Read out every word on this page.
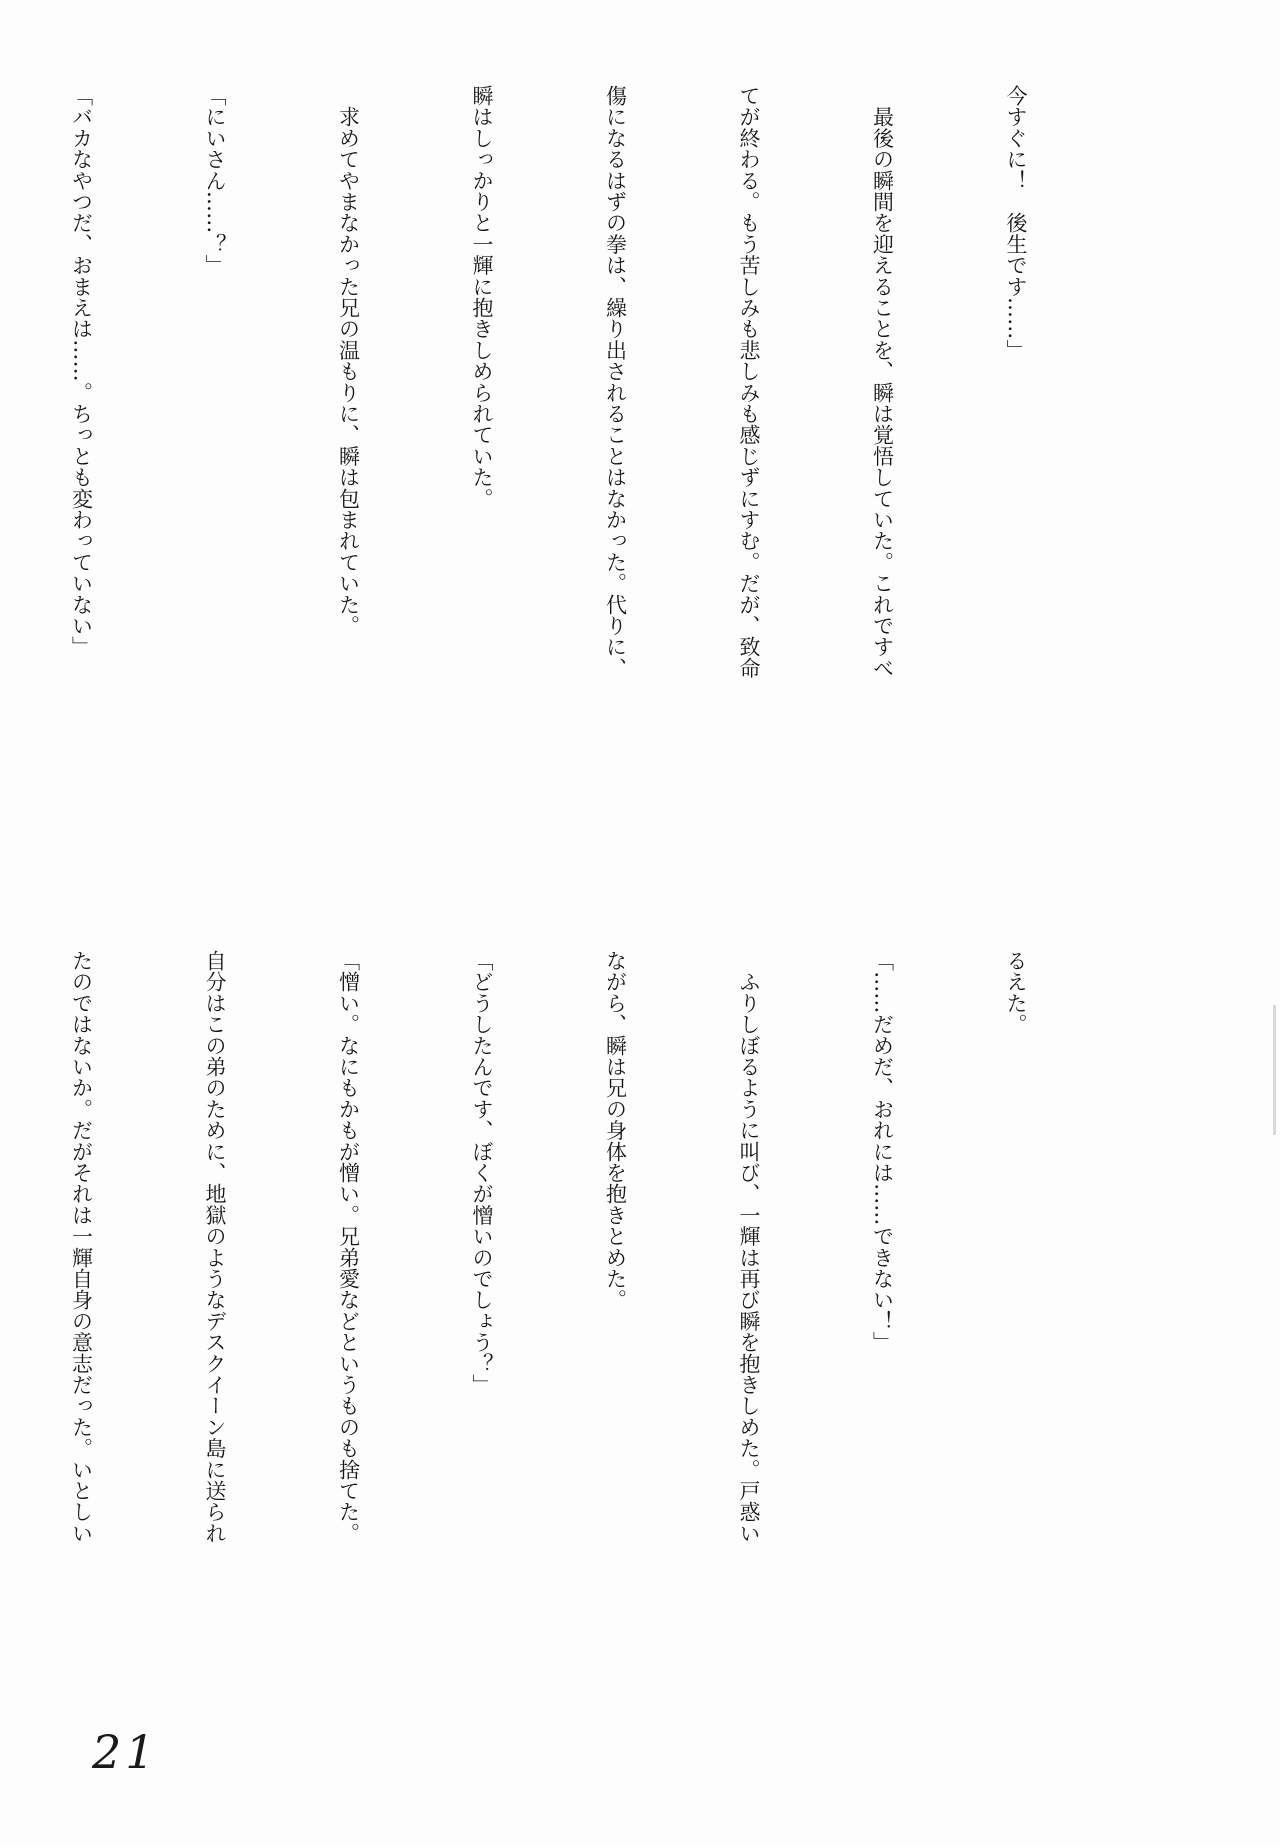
今すぐに！　後生です……」

　最後の瞬間を迎えることを、瞬は覚悟していた。これですべ

てが終わる。もう苦しみも悲しみも感じずにすむ。だが、致命

傷になるはずの拳は、繰り出されることはなかった。代りに、

瞬はしっかりと一輝に抱きしめられていた。

　求めてやまなかった兄の温もりに、瞬は包まれていた。

「にいさん……？」

「バカなやつだ、おまえは……。ちっとも変わっていない」

るえた。

「……だめだ、おれには……できない！」

　ふりしぼるように叫び、一輝は再び瞬を抱きしめた。戸惑い

ながら、瞬は兄の身体を抱きとめた。

「どうしたんです、ぼくが憎いのでしょう？」

「憎い。なにもかもが憎い。兄弟愛などというものも捨てた。

自分はこの弟のために、地獄のようなデスクイーン島に送られ

たのではないか。だがそれは一輝自身の意志だった。いとしい

21
